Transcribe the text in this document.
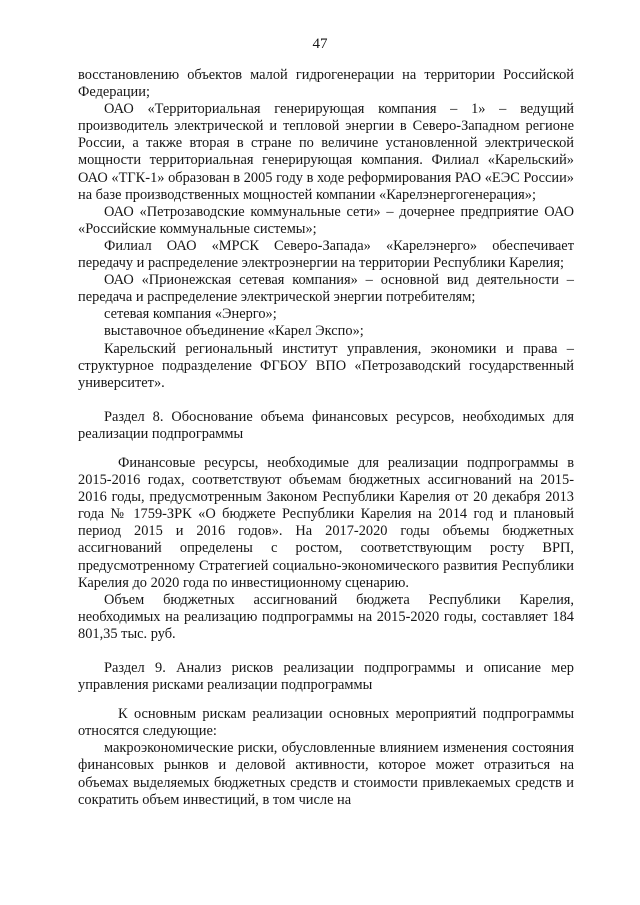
47

восстановлению объектов малой гидрогенерации на территории Российской Федерации;

ОАО «Территориальная генерирующая компания – 1» – ведущий производитель электрической и тепловой энергии в Северо-Западном регионе России, а также вторая в стране по величине установленной электрической мощности территориальная генерирующая компания. Филиал «Карельский» ОАО «ТГК-1» образован в 2005 году в ходе реформирования РАО «ЕЭС России» на базе производственных мощностей компании «Карелэнергогенерация»;

ОАО «Петрозаводские коммунальные сети» – дочернее предприятие ОАО «Российские коммунальные системы»;

Филиал ОАО «МРСК Северо-Запада» «Карелэнерго» обеспечивает передачу и распределение электроэнергии на территории Республики Карелия;

ОАО «Прионежская сетевая компания» – основной вид деятельности – передача и распределение электрической энергии потребителям;

сетевая компания «Энерго»;

выставочное объединение «Карел Экспо»;

Карельский региональный институт управления, экономики и права – структурное подразделение ФГБОУ ВПО «Петрозаводский государственный университет».

Раздел 8. Обоснование объема финансовых ресурсов, необходимых для реализации подпрограммы

Финансовые ресурсы, необходимые для реализации подпрограммы в 2015-2016 годах, соответствуют объемам бюджетных ассигнований на 2015-2016 годы, предусмотренным Законом Республики Карелия от 20 декабря 2013 года № 1759-ЗРК «О бюджете Республики Карелия на 2014 год и плановый период 2015 и 2016 годов». На 2017-2020 годы объемы бюджетных ассигнований определены с ростом, соответствующим росту ВРП, предусмотренному Стратегией социально-экономического развития Республики Карелия до 2020 года по инвестиционному сценарию.

Объем бюджетных ассигнований бюджета Республики Карелия, необходимых на реализацию подпрограммы на 2015-2020 годы, составляет 184 801,35 тыс. руб.

Раздел 9. Анализ рисков реализации подпрограммы и описание мер управления рисками реализации подпрограммы

К основным рискам реализации основных мероприятий подпрограммы относятся следующие:

макроэкономические риски, обусловленные влиянием изменения состояния финансовых рынков и деловой активности, которое может отразиться на объемах выделяемых бюджетных средств и стоимости привлекаемых средств и сократить объем инвестиций, в том числе на
